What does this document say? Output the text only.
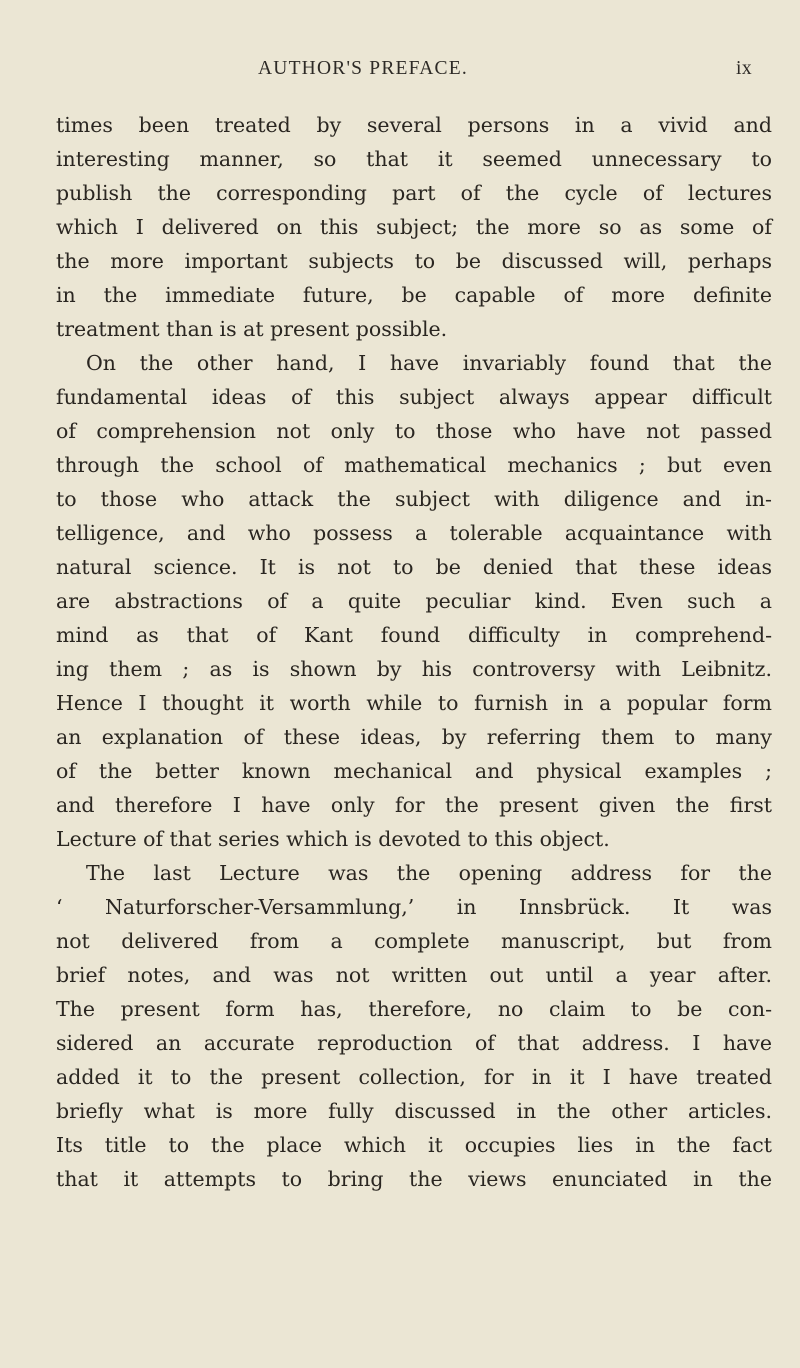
AUTHOR'S PREFACE.	ix
times been treated by several persons in a vivid and
interesting manner, so that it seemed unnecessary to
publish the corresponding part of the cycle of lectures
which I delivered on this subject; the more so as some of
the more important subjects to be discussed will, perhaps
in the immediate future, be capable of more definite
treatment than is at present possible.
On the other hand, I have invariably found that the
fundamental ideas of this subject always appear difficult
of comprehension not only to those who have not passed
through the school of mathematical mechanics ; but even
to those who attack the subject with diligence and in-
telligence, and who possess a tolerable acquaintance with
natural science. It is not to be denied that these ideas
are abstractions of a quite peculiar kind. Even such a
mind as that of Kant found difficulty in comprehend-
ing them ; as is shown by his controversy with Leibnitz.
Hence I thought it worth while to furnish in a popular form
an explanation of these ideas, by referring them to many
of the better known mechanical and physical examples ;
and therefore I have only for the present given the first
Lecture of that series which is devoted to this object.
The last Lecture was the opening address for the
‘ Naturforscher-Versammlung,’ in Innsbrück. It was
not delivered from a complete manuscript, but from
brief notes, and was not written out until a year after.
The present form has, therefore, no claim to be con-
sidered an accurate reproduction of that address. I have
added it to the present collection, for in it I have treated
briefly what is more fully discussed in the other articles.
Its title to the place which it occupies lies in the fact
that it attempts to bring the views enunciated in the
